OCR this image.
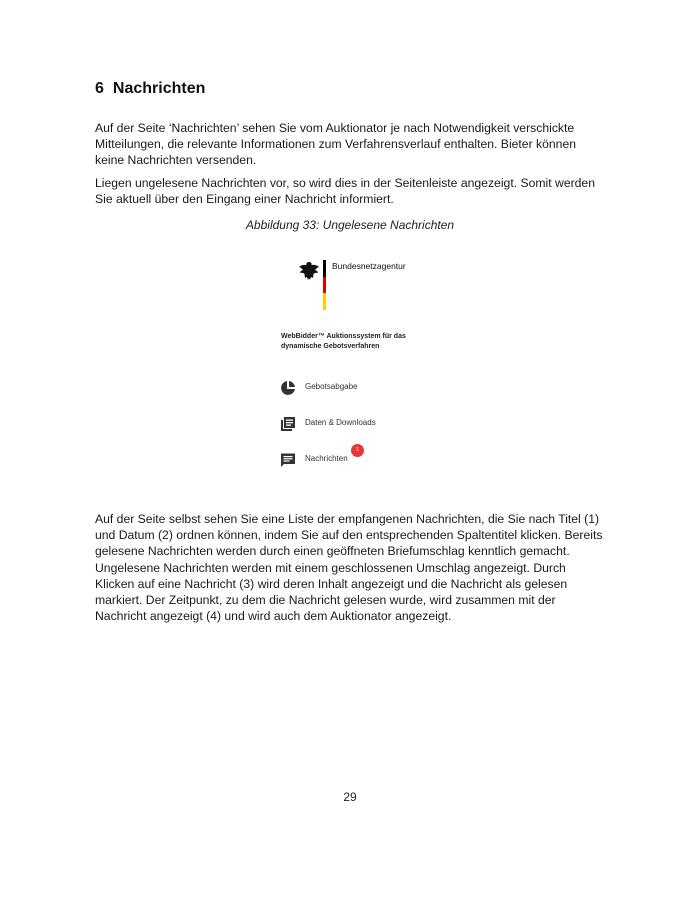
6 Nachrichten

Auf der Seite ‘Nachrichten’ sehen Sie vom Auktionator je nach Notwendigkeit verschickte Mitteilungen, die relevante Informationen zum Verfahrensverlauf enthalten. Bieter können keine Nachrichten versenden.

Liegen ungelesene Nachrichten vor, so wird dies in der Seitenleiste angezeigt. Somit werden Sie aktuell über den Eingang einer Nachricht informiert.

Abbildung 33: Ungelesene Nachrichten
Bundesnetzagentur
WebBidder™ Auktionssystem für das dynamische Gebotsverfahren
Gebotsabgabe
Daten & Downloads
Nachrichten
1

Auf der Seite selbst sehen Sie eine Liste der empfangenen Nachrichten, die Sie nach Titel (1) und Datum (2) ordnen können, indem Sie auf den entsprechenden Spaltentitel klicken. Bereits gelesene Nachrichten werden durch einen geöffneten Briefumschlag kenntlich gemacht. Ungelesene Nachrichten werden mit einem geschlossenen Umschlag angezeigt. Durch Klicken auf eine Nachricht (3) wird deren Inhalt angezeigt und die Nachricht als gelesen markiert. Der Zeitpunkt, zu dem die Nachricht gelesen wurde, wird zusammen mit der Nachricht angezeigt (4) und wird auch dem Auktionator angezeigt.

29
